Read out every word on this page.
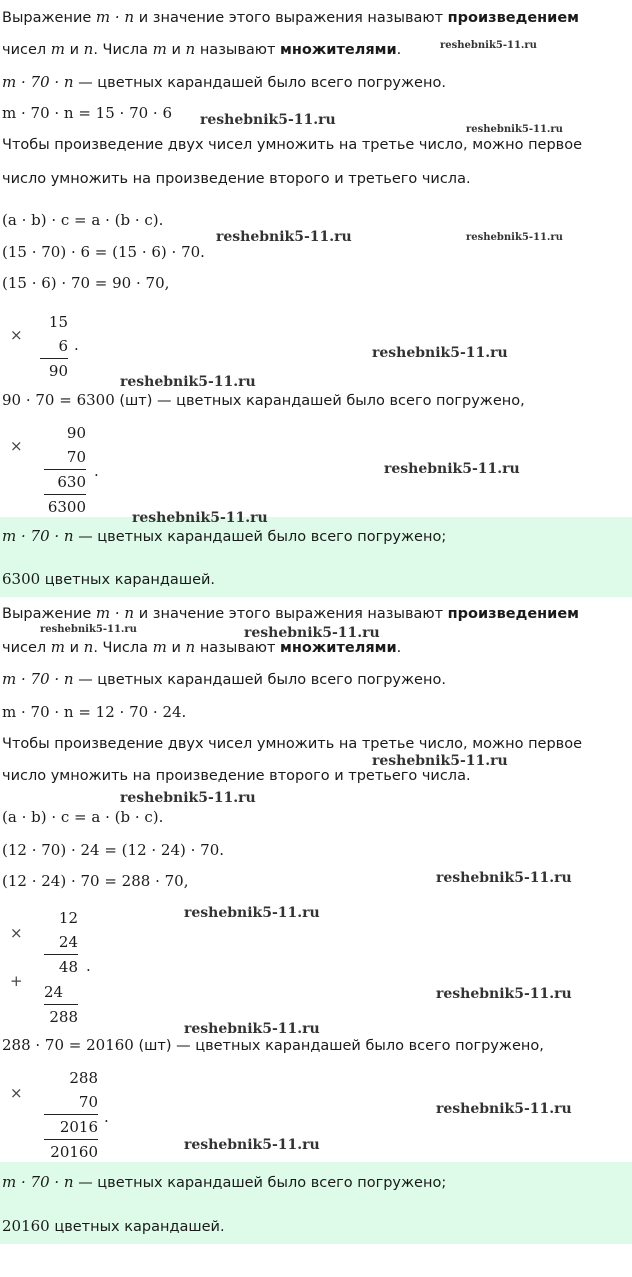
Выражение m · n и значение этого выражения называют произведением
чисел m и n. Числа m и n называют множителями.
m · 70 · n — цветных карандашей было всего погружено.
m · 70 · n = 15 · 70 · 6
Чтобы произведение двух чисел умножить на третье число, можно первое
число умножить на произведение второго и третьего числа.
(a · b) · c = a · (b · c).
(15 · 70) · 6 = (15 · 6) · 70.
(15 · 6) · 70 = 90 · 70,
×
15
6
90
.
90 · 70 = 6300 (шт) — цветных карандашей было всего погружено,
×
90
70
630
6300
.
m · 70 · n — цветных карандашей было всего погружено;
6300 цветных карандашей.
Выражение m · n и значение этого выражения называют произведением
чисел m и n. Числа m и n называют множителями.
m · 70 · n — цветных карандашей было всего погружено.
m · 70 · n = 12 · 70 · 24.
Чтобы произведение двух чисел умножить на третье число, можно первое
число умножить на произведение второго и третьего числа.
(a · b) · c = a · (b · c).
(12 · 70) · 24 = (12 · 24) · 70.
(12 · 24) · 70 = 288 · 70,
×
12
24
48 .
+
24
288
288 · 70 = 20160 (шт) — цветных карандашей было всего погружено,
×
288
70
2016
20160
.
m · 70 · n — цветных карандашей было всего погружено;
20160 цветных карандашей.
reshebnik5-11.ru
reshebnik5-11.ru
reshebnik5-11.ru
reshebnik5-11.ru	reshebnik5-11.ru
reshebnik5-11.ru
reshebnik5-11.ru
reshebnik5-11.ru
reshebnik5-11.ru
reshebnik5-11.ru	reshebnik5-11.ru
reshebnik5-11.ru
reshebnik5-11.ru
reshebnik5-11.ru
reshebnik5-11.ru
reshebnik5-11.ru
reshebnik5-11.ru
reshebnik5-11.ru
reshebnik5-11.ru
